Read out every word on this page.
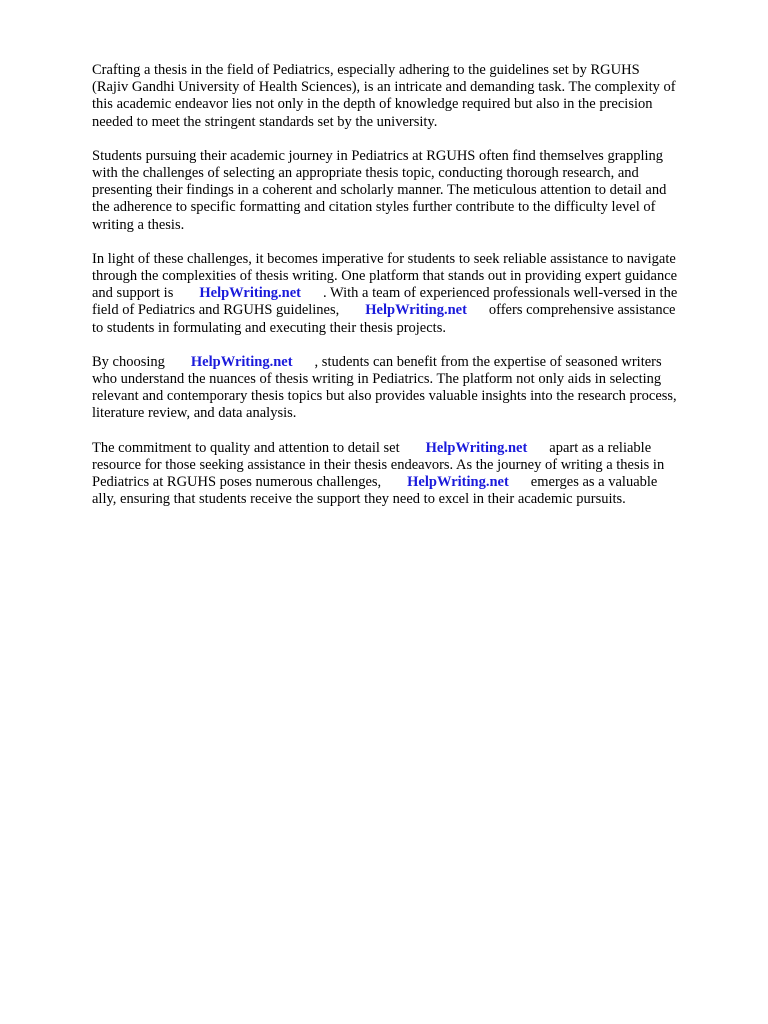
Crafting a thesis in the field of Pediatrics, especially adhering to the guidelines set by RGUHS
(Rajiv Gandhi University of Health Sciences), is an intricate and demanding task. The complexity of
this academic endeavor lies not only in the depth of knowledge required but also in the precision
needed to meet the stringent standards set by the university.

Students pursuing their academic journey in Pediatrics at RGUHS often find themselves grappling
with the challenges of selecting an appropriate thesis topic, conducting thorough research, and
presenting their findings in a coherent and scholarly manner. The meticulous attention to detail and
the adherence to specific formatting and citation styles further contribute to the difficulty level of
writing a thesis.

In light of these challenges, it becomes imperative for students to seek reliable assistance to navigate
through the complexities of thesis writing. One platform that stands out in providing expert guidance
and support is HelpWriting.net . With a team of experienced professionals well-versed in the
field of Pediatrics and RGUHS guidelines, HelpWriting.net offers comprehensive assistance
to students in formulating and executing their thesis projects.

By choosing HelpWriting.net , students can benefit from the expertise of seasoned writers
who understand the nuances of thesis writing in Pediatrics. The platform not only aids in selecting
relevant and contemporary thesis topics but also provides valuable insights into the research process,
literature review, and data analysis.

The commitment to quality and attention to detail set HelpWriting.net apart as a reliable
resource for those seeking assistance in their thesis endeavors. As the journey of writing a thesis in
Pediatrics at RGUHS poses numerous challenges, HelpWriting.net emerges as a valuable
ally, ensuring that students receive the support they need to excel in their academic pursuits.
